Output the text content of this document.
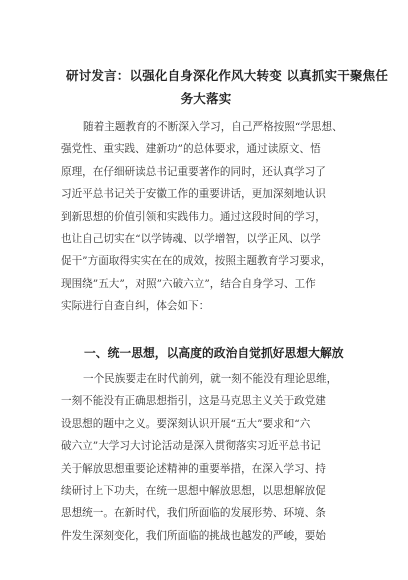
研讨发言：以强化自身深化作风大转变 以真抓实干聚焦任
务大落实
随着主题教育的不断深入学习，自己严格按照“学思想、
强党性、重实践、建新功”的总体要求，通过读原文、悟
原理，在仔细研读总书记重要著作的同时，还认真学习了
习近平总书记关于安徽工作的重要讲话，更加深刻地认识
到新思想的价值引领和实践伟力。通过这段时间的学习，
也让自己切实在“以学铸魂、以学增智，以学正风、以学
促干”方面取得实实在在的成效，按照主题教育学习要求，
现围绕”五大”，对照”六破六立”，结合自身学习、工作
实际进行自查自纠，体会如下：
一、统一思想，以高度的政治自觉抓好思想大解放
一个民族要走在时代前列，就一刻不能没有理论思维，
一刻不能没有正确思想指引，这是马克思主义关于政党建
设思想的题中之义。要深刻认识开展“五大”要求和“六
破六立”大学习大讨论活动是深入贯彻落实习近平总书记
关于解放思想重要论述精神的重要举措，在深入学习、持
续研讨上下功夫，在统一思想中解放思想，以思想解放促
思想统一。在新时代，我们所面临的发展形势、环境、条
件发生深刻变化，我们所面临的挑战也越发的严峻，要始
